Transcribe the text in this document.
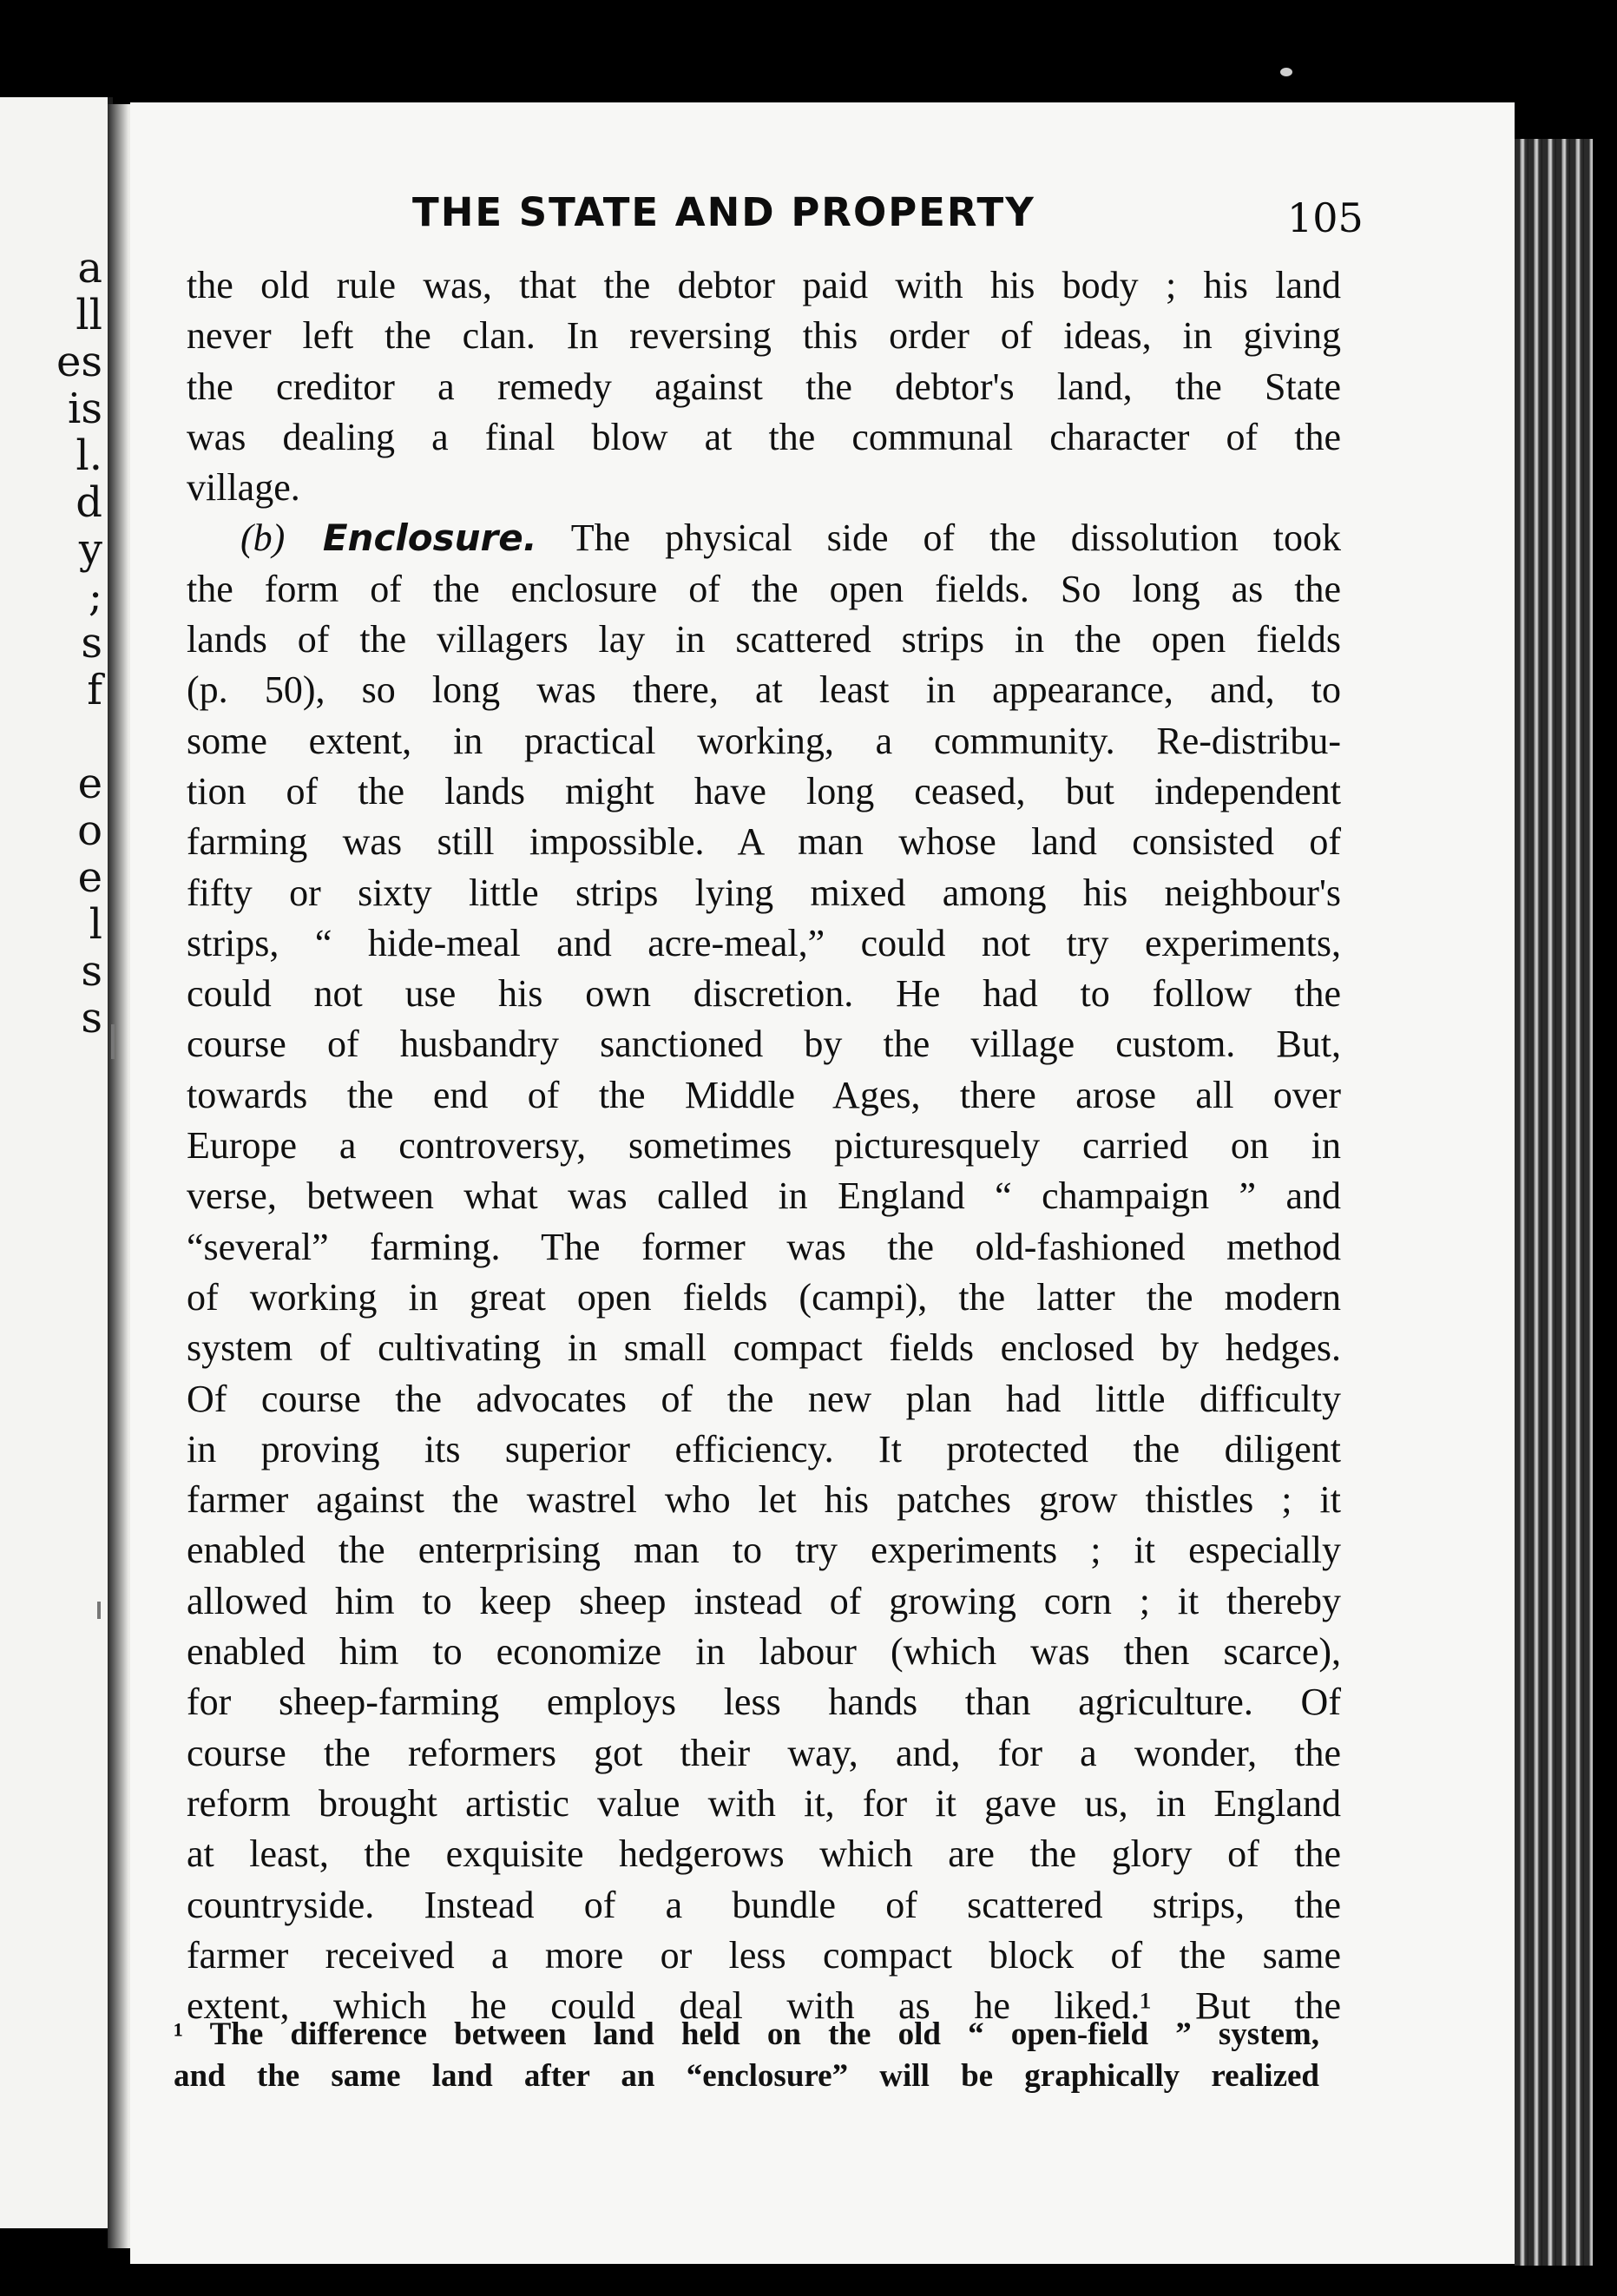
a
ll
es
is
l.
d
y
;
s
f

e
o
e
l
s
s
THE STATE AND PROPERTY	105
the old rule was, that the debtor paid with his body ; his land
never left the clan. In reversing this order of ideas, in giving
the creditor a remedy against the debtor's land, the State
was dealing a final blow at the communal character of the
village.
(b) Enclosure. The physical side of the dissolution took
the form of the enclosure of the open fields. So long as the
lands of the villagers lay in scattered strips in the open fields
(p. 50), so long was there, at least in appearance, and, to
some extent, in practical working, a community. Re-distribu-
tion of the lands might have long ceased, but independent
farming was still impossible. A man whose land consisted of
fifty or sixty little strips lying mixed among his neighbour's
strips, “ hide-meal and acre-meal,” could not try experiments,
could not use his own discretion. He had to follow the
course of husbandry sanctioned by the village custom. But,
towards the end of the Middle Ages, there arose all over
Europe a controversy, sometimes picturesquely carried on in
verse, between what was called in England “ champaign ” and
“several” farming. The former was the old-fashioned method
of working in great open fields (campi), the latter the modern
system of cultivating in small compact fields enclosed by hedges.
Of course the advocates of the new plan had little difficulty
in proving its superior efficiency. It protected the diligent
farmer against the wastrel who let his patches grow thistles ; it
enabled the enterprising man to try experiments ; it especially
allowed him to keep sheep instead of growing corn ; it thereby
enabled him to economize in labour (which was then scarce),
for sheep-farming employs less hands than agriculture. Of
course the reformers got their way, and, for a wonder, the
reform brought artistic value with it, for it gave us, in England
at least, the exquisite hedgerows which are the glory of the
countryside. Instead of a bundle of scattered strips, the
farmer received a more or less compact block of the same
extent, which he could deal with as he liked.¹ But the
¹ The difference between land held on the old “ open-field ” system,
and the same land after an “enclosure” will be graphically realized
